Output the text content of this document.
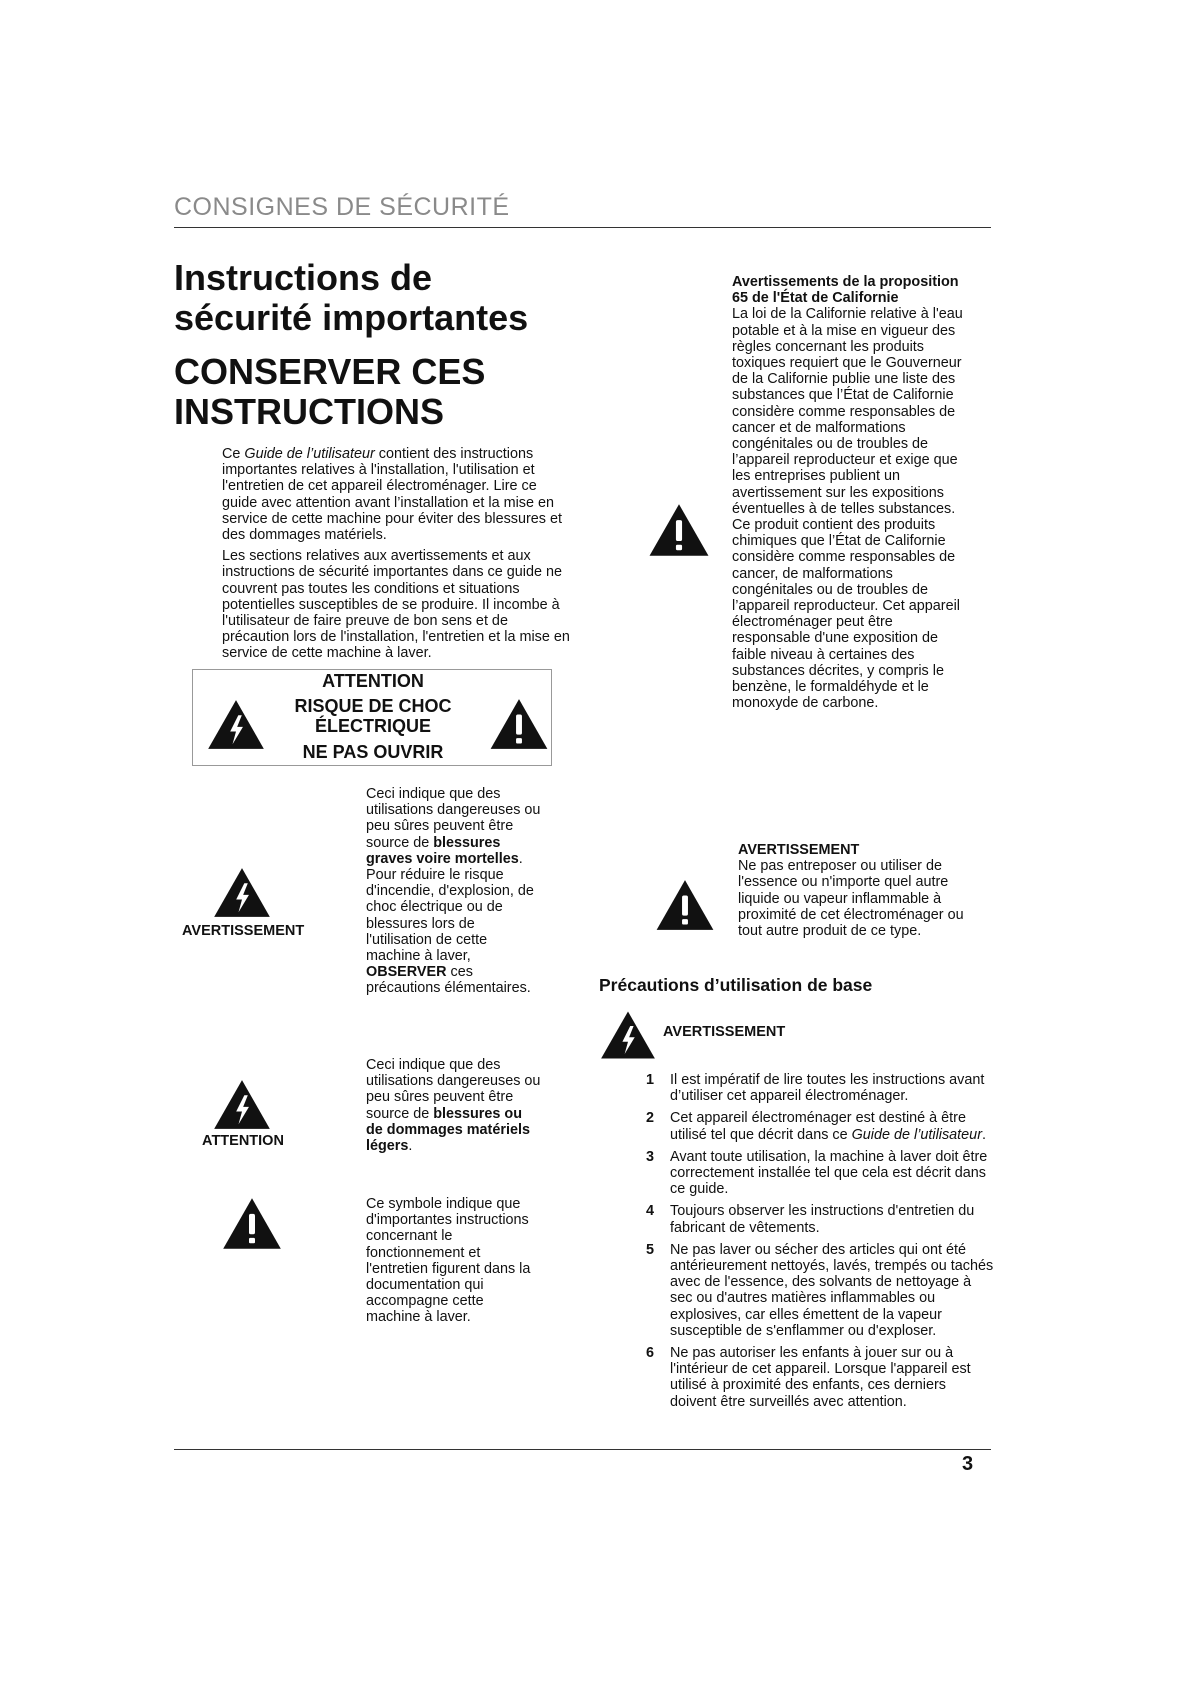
CONSIGNES DE SÉCURITÉ
Instructions de
sécurité importantes
CONSERVER CES
INSTRUCTIONS

Ce Guide de l’utilisateur contient des instructions importantes relatives à l'installation, l'utilisation et l'entretien de cet appareil électroménager. Lire ce guide avec attention avant l’installation et la mise en service de cette machine pour éviter des blessures et des dommages matériels.

Les sections relatives aux avertissements et aux instructions de sécurité importantes dans ce guide ne couvrent pas toutes les conditions et situations potentielles susceptibles de se produire. Il incombe à l'utilisateur de faire preuve de bon sens et de précaution lors de l'installation, l'entretien et la mise en service de cette machine à laver.

ATTENTION
RISQUE DE CHOC
ÉLECTRIQUE
NE PAS OUVRIR
AVERTISSEMENT

Ceci indique que des utilisations dangereuses ou peu sûres peuvent être source de blessures graves voire mortelles.

Pour réduire le risque d'incendie, d'explosion, de choc électrique ou de blessures lors de l'utilisation de cette machine à laver, OBSERVER ces précautions élémentaires.

ATTENTION

Ceci indique que des utilisations dangereuses ou peu sûres peuvent être source de blessures ou de dommages matériels légers.

Ce symbole indique que d'importantes instructions concernant le fonctionnement et l'entretien figurent dans la documentation qui accompagne cette machine à laver.

Avertissements de la proposition 65 de l'État de Californie

La loi de la Californie relative à l'eau potable et à la mise en vigueur des règles concernant les produits toxiques requiert que le Gouverneur de la Californie publie une liste des substances que l’État de Californie considère comme responsables de cancer et de malformations congénitales ou de troubles de l’appareil reproducteur et exige que les entreprises publient un avertissement sur les expositions éventuelles à de telles substances. Ce produit contient des produits chimiques que l’État de Californie considère comme responsables de cancer, de malformations congénitales ou de troubles de l’appareil reproducteur. Cet appareil électroménager peut être responsable d'une exposition de faible niveau à certaines des substances décrites, y compris le benzène, le formaldéhyde et le monoxyde de carbone.

AVERTISSEMENT

Ne pas entreposer ou utiliser de l'essence ou n'importe quel autre liquide ou vapeur inflammable à proximité de cet électroménager ou tout autre produit de ce type.

Précautions d’utilisation de base
AVERTISSEMENT
1 Il est impératif de lire toutes les instructions avant d’utiliser cet appareil électroménager.
2 Cet appareil électroménager est destiné à être utilisé tel que décrit dans ce Guide de l’utilisateur.
3 Avant toute utilisation, la machine à laver doit être correctement installée tel que cela est décrit dans ce guide.
4 Toujours observer les instructions d'entretien du fabricant de vêtements.
5 Ne pas laver ou sécher des articles qui ont été antérieurement nettoyés, lavés, trempés ou tachés avec de l'essence, des solvants de nettoyage à sec ou d'autres matières inflammables ou explosives, car elles émettent de la vapeur susceptible de s'enflammer ou d'exploser.
6 Ne pas autoriser les enfants à jouer sur ou à l'intérieur de cet appareil. Lorsque l'appareil est utilisé à proximité des enfants, ces derniers doivent être surveillés avec attention.
3
